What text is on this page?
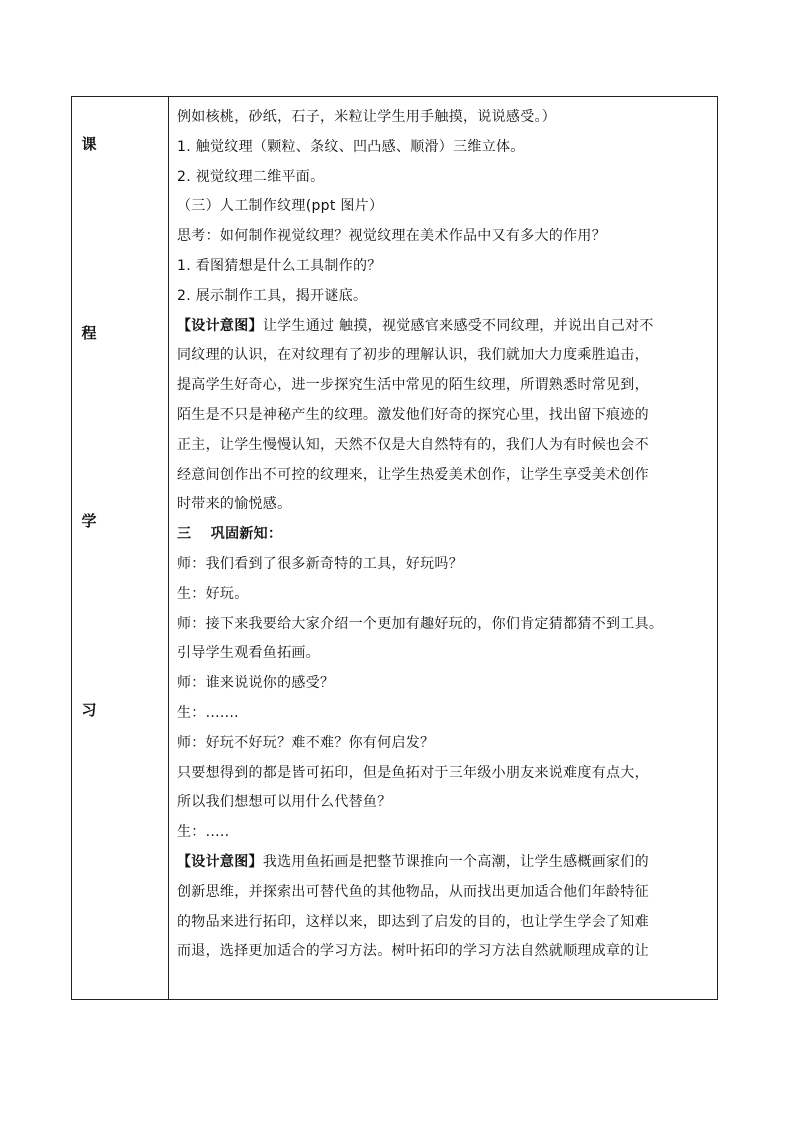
课
程
学
习
例如核桃，砂纸，石子，米粒让学生用手触摸，说说感受。）
1. 触觉纹理（颗粒、条纹、凹凸感、顺滑）三维立体。
2. 视觉纹理二维平面。
（三）人工制作纹理(ppt 图片）
思考：如何制作视觉纹理？视觉纹理在美术作品中又有多大的作用？
1. 看图猜想是什么工具制作的？
2. 展示制作工具，揭开谜底。
【设计意图】让学生通过 触摸，视觉感官来感受不同纹理，并说出自己对不
同纹理的认识，在对纹理有了初步的理解认识，我们就加大力度乘胜追击，
提高学生好奇心，进一步探究生活中常见的陌生纹理，所谓熟悉时常见到，
陌生是不只是神秘产生的纹理。激发他们好奇的探究心里，找出留下痕迹的
正主，让学生慢慢认知，天然不仅是大自然特有的，我们人为有时候也会不
经意间创作出不可控的纹理来，让学生热爱美术创作，让学生享受美术创作
时带来的愉悦感。
三　 巩固新知：
师：我们看到了很多新奇特的工具，好玩吗？
生：好玩。
师：接下来我要给大家介绍一个更加有趣好玩的，你们肯定猜都猜不到工具。
引导学生观看鱼拓画。
师：谁来说说你的感受？
生：.......
师：好玩不好玩？难不难？你有何启发？
只要想得到的都是皆可拓印，但是鱼拓对于三年级小朋友来说难度有点大，
所以我们想想可以用什么代替鱼？
生：.....
【设计意图】我选用鱼拓画是把整节课推向一个高潮，让学生感概画家们的
创新思维，并探索出可替代鱼的其他物品，从而找出更加适合他们年龄特征
的物品来进行拓印，这样以来，即达到了启发的目的，也让学生学会了知难
而退，选择更加适合的学习方法。树叶拓印的学习方法自然就顺理成章的让
